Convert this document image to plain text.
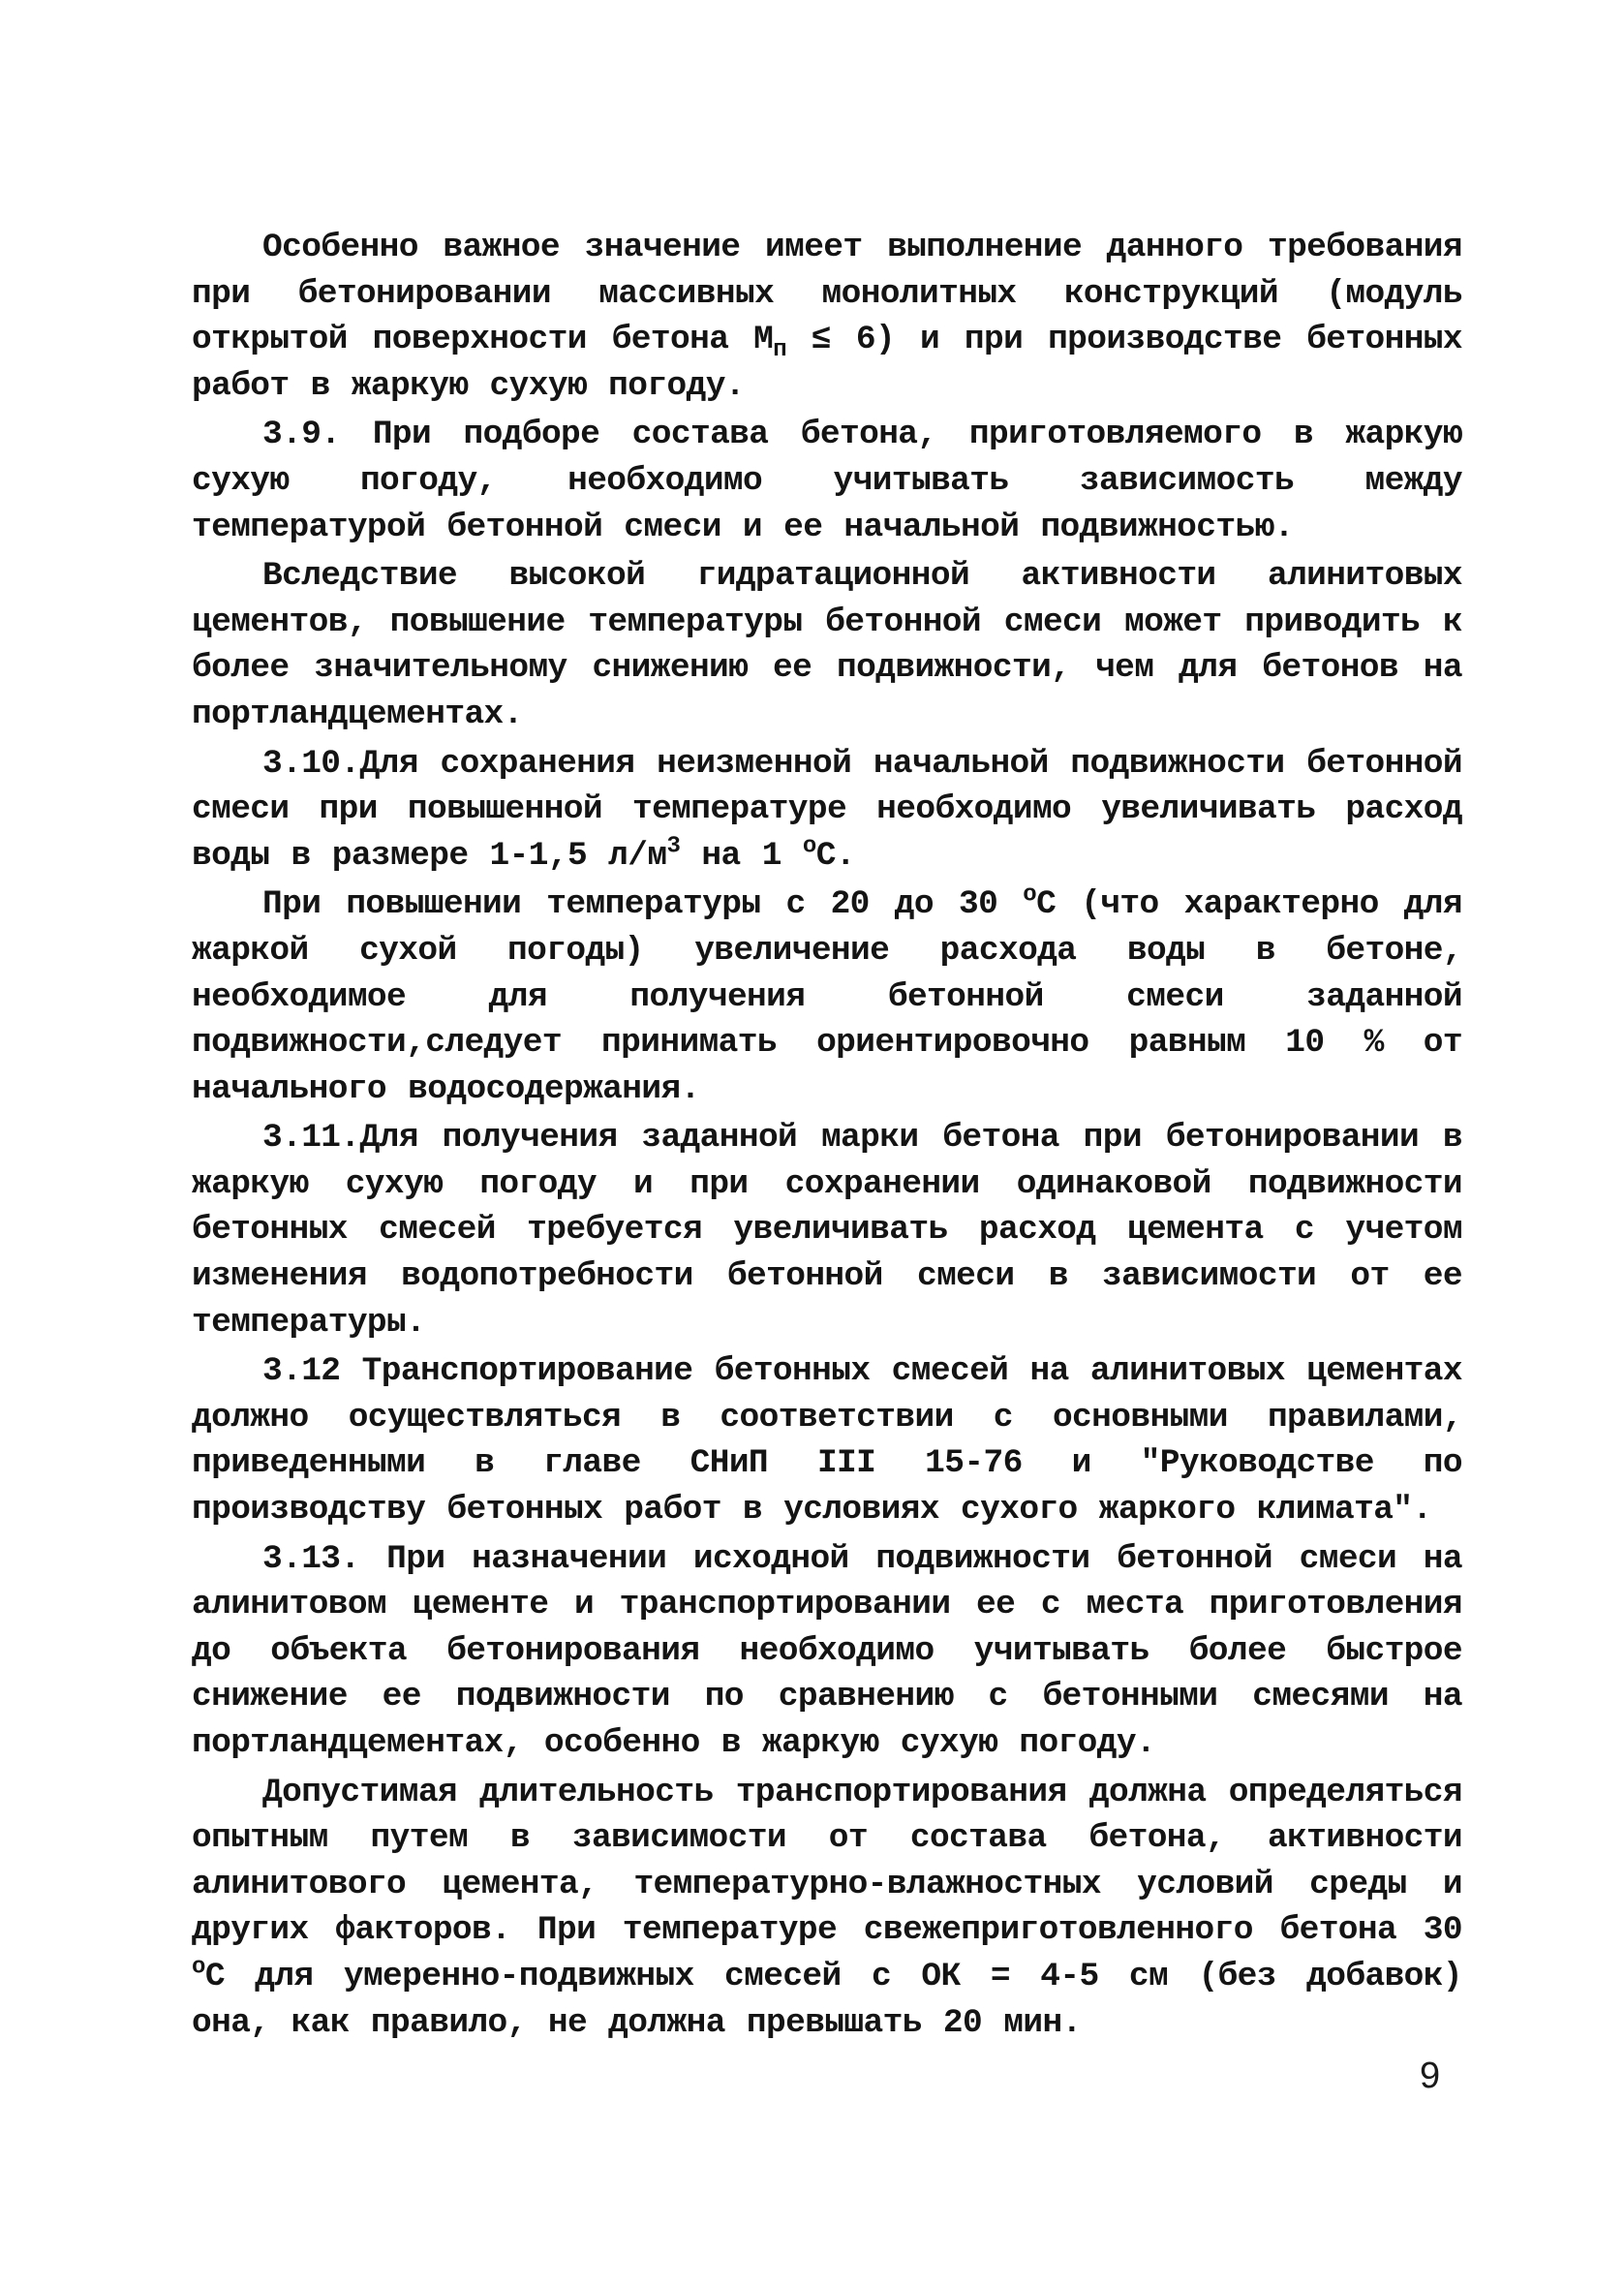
Особенно важное значение имеет выполнение данного требования при бетонировании массивных монолитных конструкций (модуль открытой поверхности бетона $М_п \le 6$) и при производстве бетонных работ в жаркую сухую погоду.

3.9. При подборе состава бетона, приготовляемого в жаркую сухую погоду, необходимо учитывать зависимость между температурой бетонной смеси и ее начальной подвижностью.

Вследствие высокой гидратационной активности алинитовых цементов, повышение температуры бетонной смеси может приводить к более значительному снижению ее подвижности, чем для бетонов на портландцементах.

3.10.Для сохранения неизменной начальной подвижности бетонной смеси при повышенной температуре необходимо увеличивать расход воды в размере 1-1,5 $л/м^3$ на 1 $^о$С.

При повышении температуры с 20 до 30 $^о$С (что характерно для жаркой сухой погоды) увеличение расхода воды в бетоне, необходимое для получения бетонной смеси заданной подвижности,следует принимать ориентировочно равным 10 % от начального водосодержания.

3.11.Для получения заданной марки бетона при бетонировании в жаркую сухую погоду и при сохранении одинаковой подвижности бетонных смесей требуется увеличивать расход цемента с учетом изменения водопотребности бетонной смеси в зависимости от ее температуры.

3.12 Транспортирование бетонных смесей на алинитовых цементах должно осуществляться в соответствии с основными правилами, приведенными в главе СНиП III 15-76 и "Руководстве по производству бетонных работ в условиях сухого жаркого климата".

3.13. При назначении исходной подвижности бетонной смеси на алинитовом цементе и транспортировании ее с места приготовления до объекта бетонирования необходимо учитывать более быстрое снижение ее подвижности по сравнению с бетонными смесями на портландцементах, особенно в жаркую сухую погоду.

Допустимая длительность транспортирования должна определяться опытным путем в зависимости от состава бетона, активности алинитового цемента, температурно-влажностных условий среды и других факторов. При температуре свежеприготовленного бетона 30 $^о$С для умеренно-подвижных смесей с ОК = 4-5 см (без добавок) она, как правило, не должна превышать 20 мин.

9
